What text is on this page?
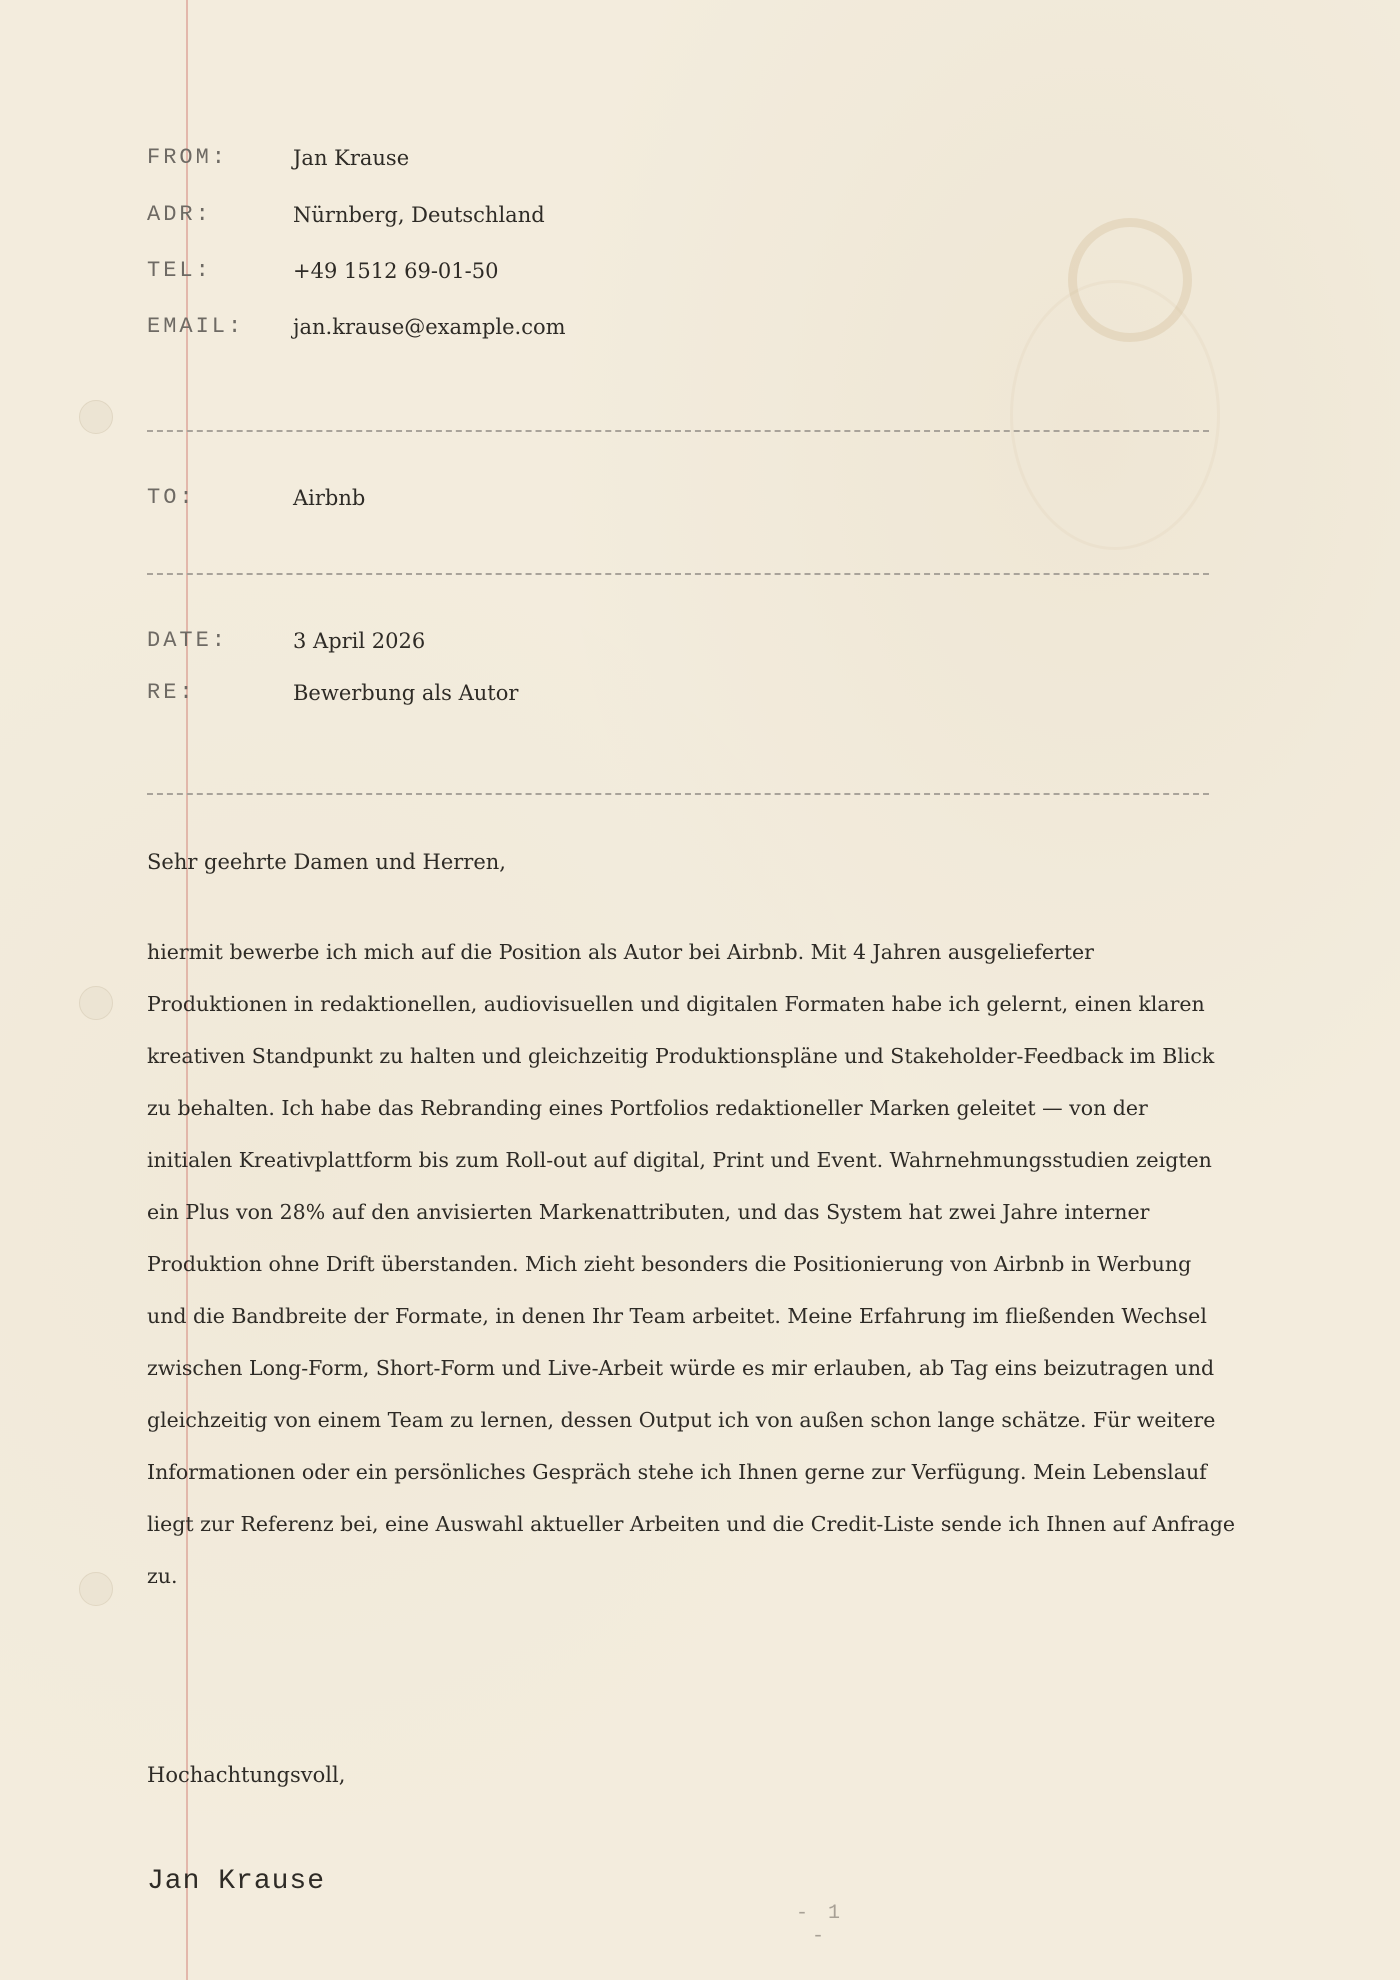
FROM:	Jan Krause
ADR:	Nürnberg, Deutschland
TEL:	+49 1512 69-01-50
EMAIL: jan.krause@example.com
TO:	Airbnb
DATE:	3 April 2026
RE:	Bewerbung als Autor
Sehr geehrte Damen und Herren,

hiermit bewerbe ich mich auf die Position als Autor bei Airbnb. Mit 4 Jahren ausgelieferter Produktionen in redaktionellen, audiovisuellen und digitalen Formaten habe ich gelernt, einen klaren kreativen Standpunkt zu halten und gleichzeitig Produktionspläne und Stakeholder-Feedback im Blick zu behalten. Ich habe das Rebranding eines Portfolios redaktioneller Marken geleitet — von der initialen Kreativplattform bis zum Roll-out auf digital, Print und Event. Wahrnehmungsstudien zeigten ein Plus von 28% auf den anvisierten Markenattributen, und das System hat zwei Jahre interner Produktion ohne Drift überstanden. Mich zieht besonders die Positionierung von Airbnb in Werbung und die Bandbreite der Formate, in denen Ihr Team arbeitet. Meine Erfahrung im fließenden Wechsel zwischen Long-Form, Short-Form und Live-Arbeit würde es mir erlauben, ab Tag eins beizutragen und gleichzeitig von einem Team zu lernen, dessen Output ich von außen schon lange schätze. Für weitere Informationen oder ein persönliches Gespräch stehe ich Ihnen gerne zur Verfügung. Mein Lebenslauf liegt zur Referenz bei, eine Auswahl aktueller Arbeiten und die Credit-Liste sende ich Ihnen auf Anfrage zu.

Hochachtungsvoll,
Jan Krause
- 1 -
